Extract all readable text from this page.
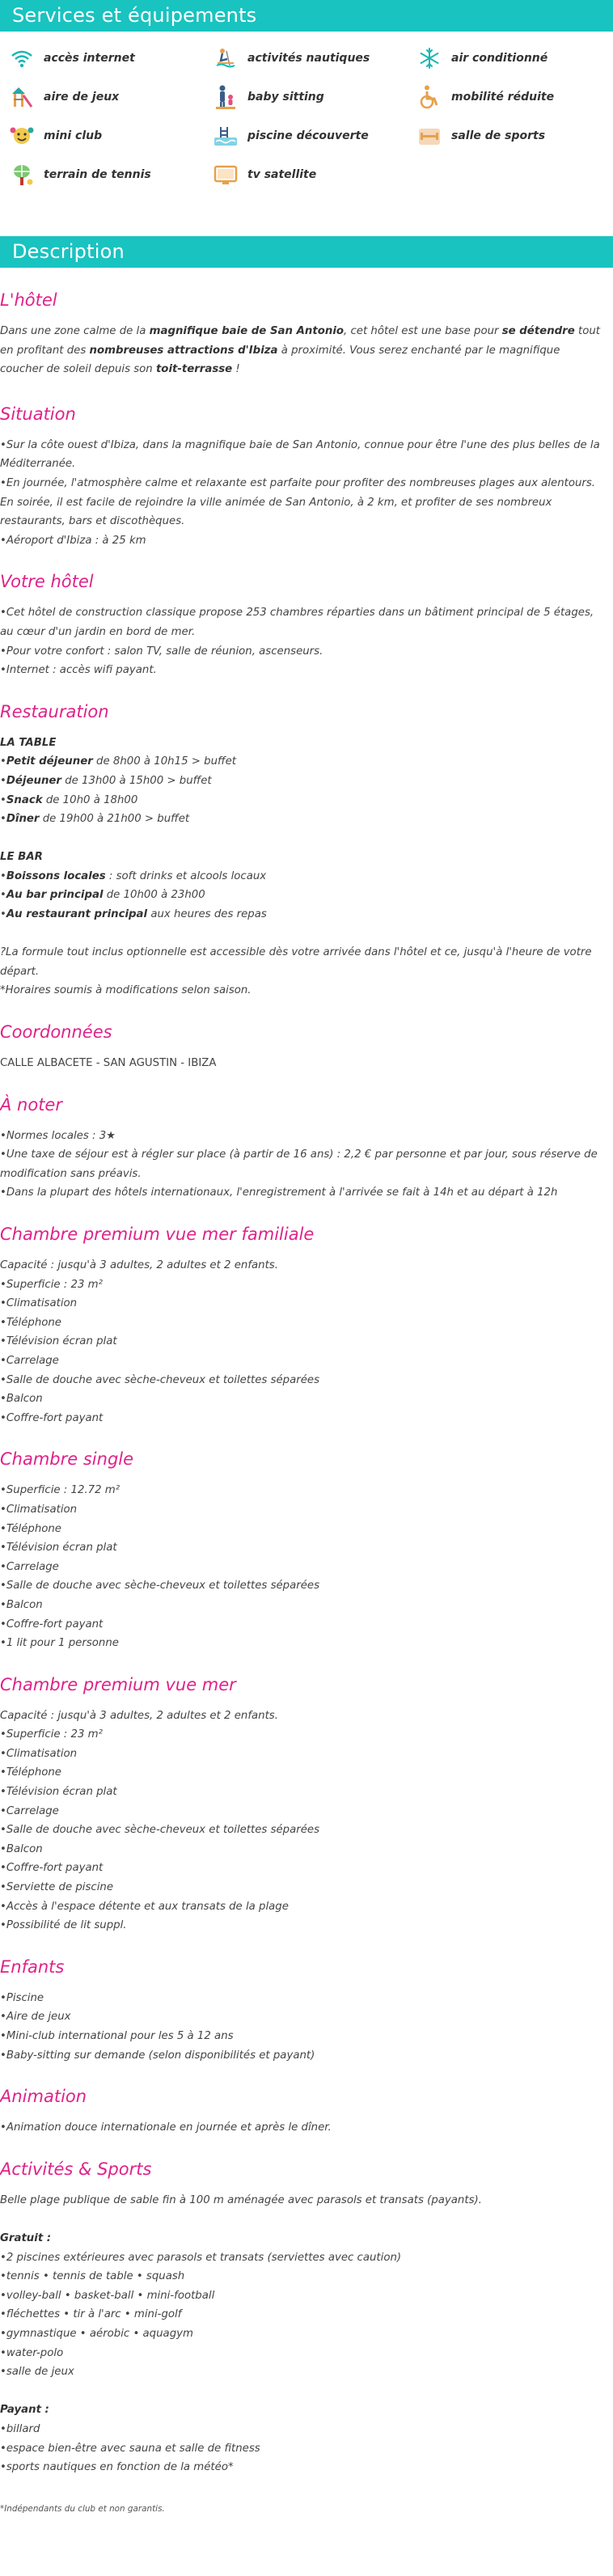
Services et équipements
accès internet	activités nautiques	air conditionné
aire de jeux	baby sitting	mobilité réduite
mini club	piscine découverte	salle de sports
terrain de tennis	tv satellite
Description
L'hôtel

Dans une zone calme de la magnifique baie de San Antonio, cet hôtel est une base pour se détendre tout en profitant des nombreuses attractions d'Ibiza à proximité. Vous serez enchanté par le magnifique coucher de soleil depuis son toit-terrasse !

Situation

• Sur la côte ouest d'Ibiza, dans la magnifique baie de San Antonio, connue pour être l'une des plus belles de la Méditerranée.

• En journée, l'atmosphère calme et relaxante est parfaite pour profiter des nombreuses plages aux alentours. En soirée, il est facile de rejoindre la ville animée de San Antonio, à 2 km, et profiter de ses nombreux restaurants, bars et discothèques.

• Aéroport d'Ibiza : à 25 km

Votre hôtel

• Cet hôtel de construction classique propose 253 chambres réparties dans un bâtiment principal de 5 étages, au cœur d'un jardin en bord de mer.

• Pour votre confort : salon TV, salle de réunion, ascenseurs.

• Internet : accès wifi payant.

Restauration

LA TABLE

• Petit déjeuner de 8h00 à 10h15 > buffet

• Déjeuner de 13h00 à 15h00 > buffet

• Snack de 10h0 à 18h00

• Dîner de 19h00 à 21h00 > buffet

LE BAR

• Boissons locales : soft drinks et alcools locaux

• Au bar principal de 10h00 à 23h00

• Au restaurant principal aux heures des repas

?La formule tout inclus optionnelle est accessible dès votre arrivée dans l'hôtel et ce, jusqu'à l'heure de votre départ.

*Horaires soumis à modifications selon saison.

Coordonnées

CALLE ALBACETE - SAN AGUSTIN - IBIZA

À noter

• Normes locales : 3★

• Une taxe de séjour est à régler sur place (à partir de 16 ans) : 2,2 € par personne et par jour, sous réserve de modification sans préavis.

• Dans la plupart des hôtels internationaux, l'enregistrement à l'arrivée se fait à 14h et au départ à 12h

Chambre premium vue mer familiale

Capacité : jusqu'à 3 adultes, 2 adultes et 2 enfants.

• Superficie : 23 m²

• Climatisation

• Téléphone

• Télévision écran plat

• Carrelage

• Salle de douche avec sèche-cheveux et toilettes séparées

• Balcon

• Coffre-fort payant

Chambre single

• Superficie : 12.72 m²

• Climatisation

• Téléphone

• Télévision écran plat

• Carrelage

• Salle de douche avec sèche-cheveux et toilettes séparées

• Balcon

• Coffre-fort payant

• 1 lit pour 1 personne

Chambre premium vue mer

Capacité : jusqu'à 3 adultes, 2 adultes et 2 enfants.

• Superficie : 23 m²

• Climatisation

• Téléphone

• Télévision écran plat

• Carrelage

• Salle de douche avec sèche-cheveux et toilettes séparées

• Balcon

• Coffre-fort payant

• Serviette de piscine

• Accès à l'espace détente et aux transats de la plage

• Possibilité de lit suppl.

Enfants

• Piscine

• Aire de jeux

• Mini-club international pour les 5 à 12 ans

• Baby-sitting sur demande (selon disponibilités et payant)

Animation

• Animation douce internationale en journée et après le dîner.

Activités & Sports

Belle plage publique de sable fin à 100 m aménagée avec parasols et transats (payants).

Gratuit :

• 2 piscines extérieures avec parasols et transats (serviettes avec caution)

• tennis • tennis de table • squash

• volley-ball • basket-ball • mini-football

• fléchettes • tir à l'arc • mini-golf

• gymnastique • aérobic • aquagym

• water-polo

• salle de jeux

Payant :

• billard

• espace bien-être avec sauna et salle de fitness

• sports nautiques en fonction de la météo*

*Indépendants du club et non garantis.
